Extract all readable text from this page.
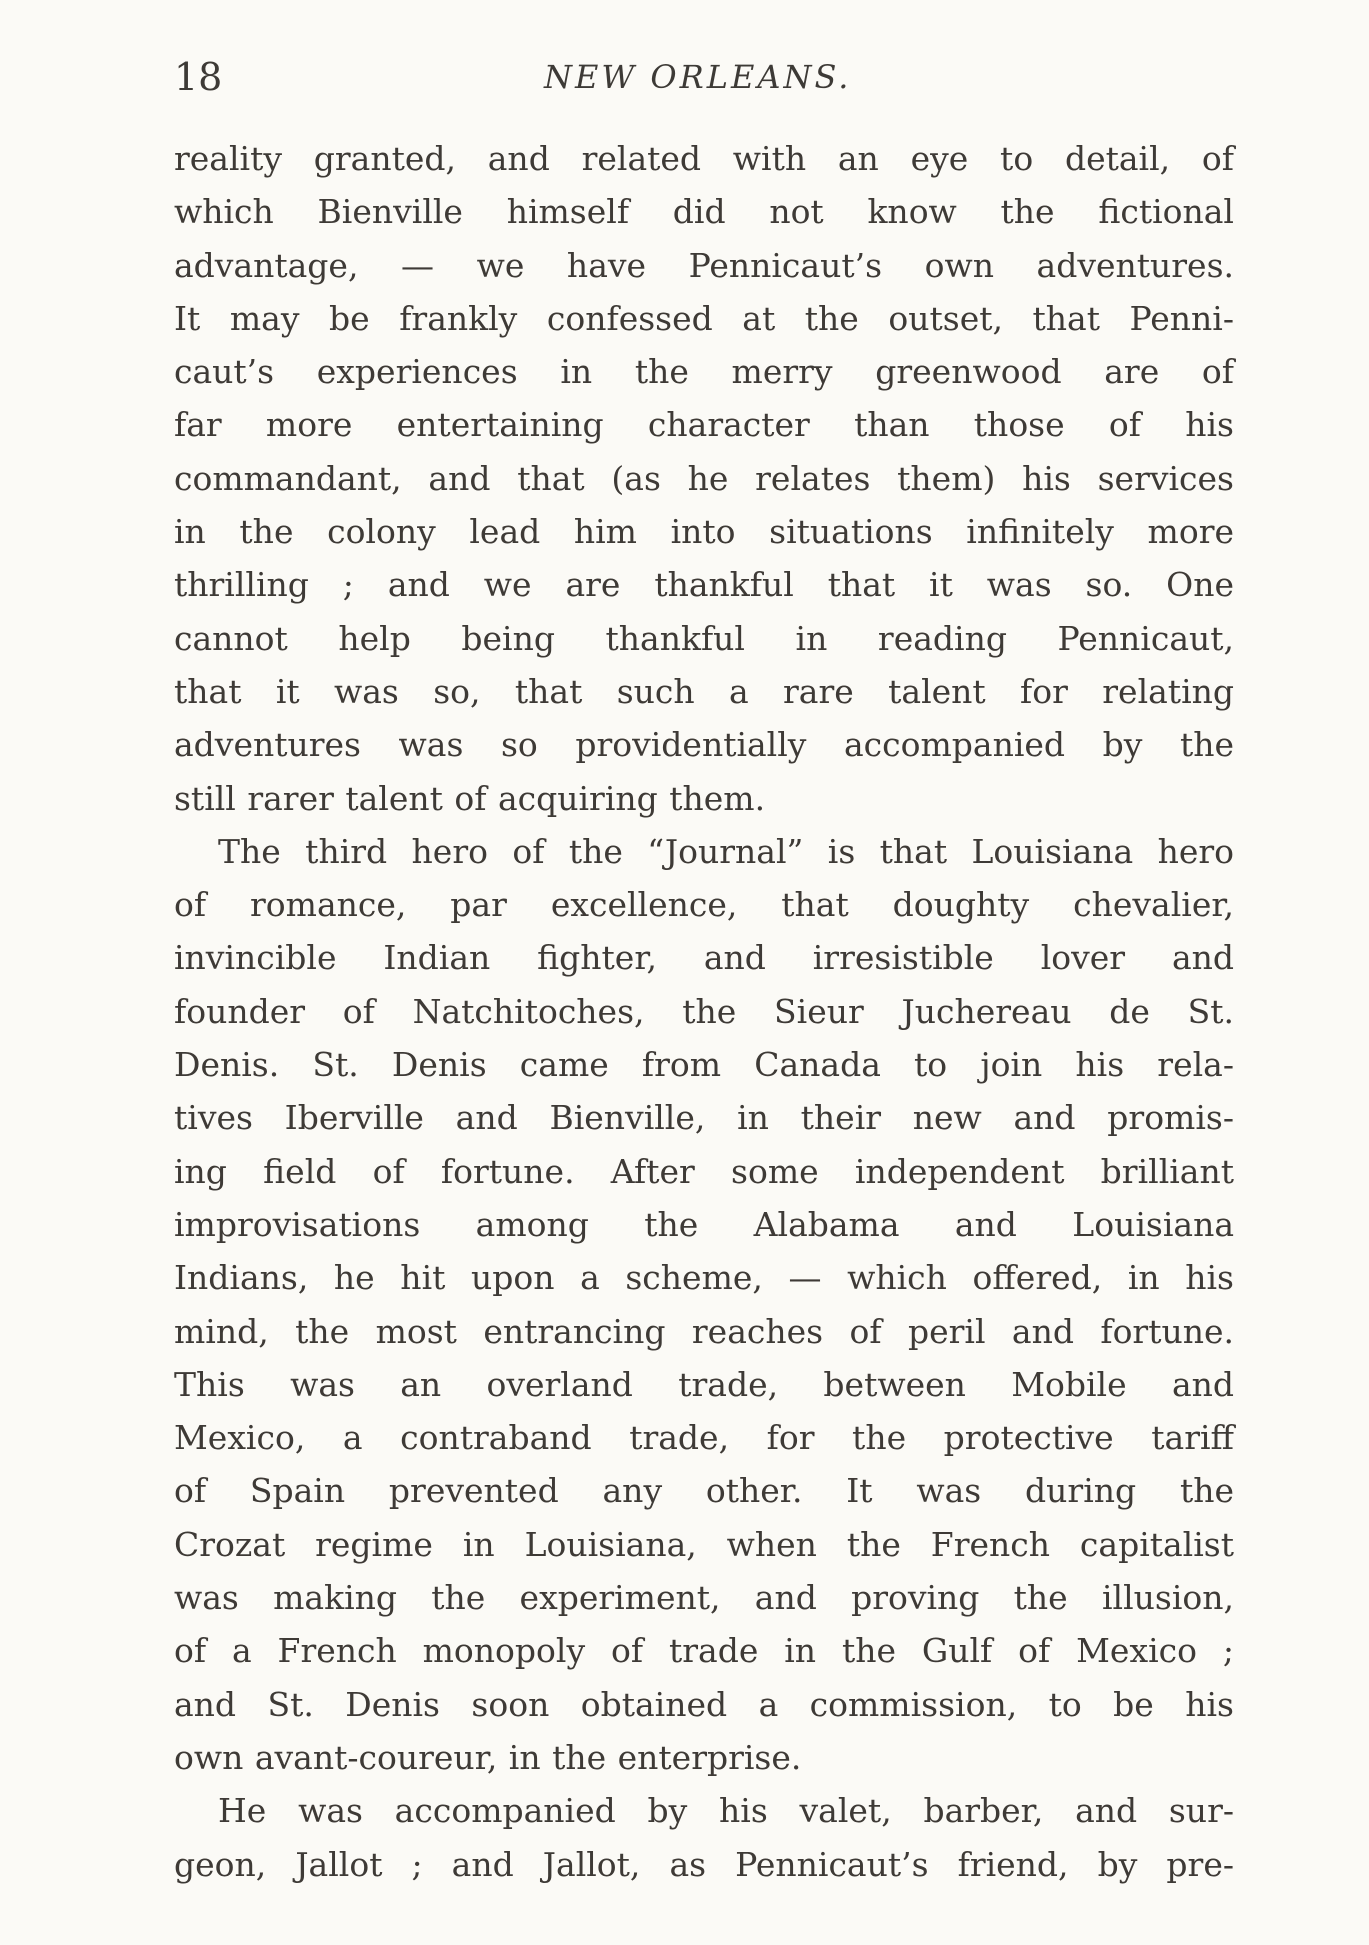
18	NEW ORLEANS.
reality granted, and related with an eye to detail, of
which Bienville himself did not know the fictional
advantage, — we have Pennicaut’s own adventures.
It may be frankly confessed at the outset, that Penni-
caut’s experiences in the merry greenwood are of
far more entertaining character than those of his
commandant, and that (as he relates them) his services
in the colony lead him into situations infinitely more
thrilling ; and we are thankful that it was so. One
cannot help being thankful in reading Pennicaut,
that it was so, that such a rare talent for relating
adventures was so providentially accompanied by the
still rarer talent of acquiring them.
The third hero of the “Journal” is that Louisiana hero
of romance, par excellence, that doughty chevalier,
invincible Indian fighter, and irresistible lover and
founder of Natchitoches, the Sieur Juchereau de St.
Denis. St. Denis came from Canada to join his rela-
tives Iberville and Bienville, in their new and promis-
ing field of fortune. After some independent brilliant
improvisations among the Alabama and Louisiana
Indians, he hit upon a scheme, — which offered, in his
mind, the most entrancing reaches of peril and fortune.
This was an overland trade, between Mobile and
Mexico, a contraband trade, for the protective tariff
of Spain prevented any other. It was during the
Crozat regime in Louisiana, when the French capitalist
was making the experiment, and proving the illusion,
of a French monopoly of trade in the Gulf of Mexico ;
and St. Denis soon obtained a commission, to be his
own avant-coureur, in the enterprise.
He was accompanied by his valet, barber, and sur-
geon, Jallot ; and Jallot, as Pennicaut’s friend, by pre-
